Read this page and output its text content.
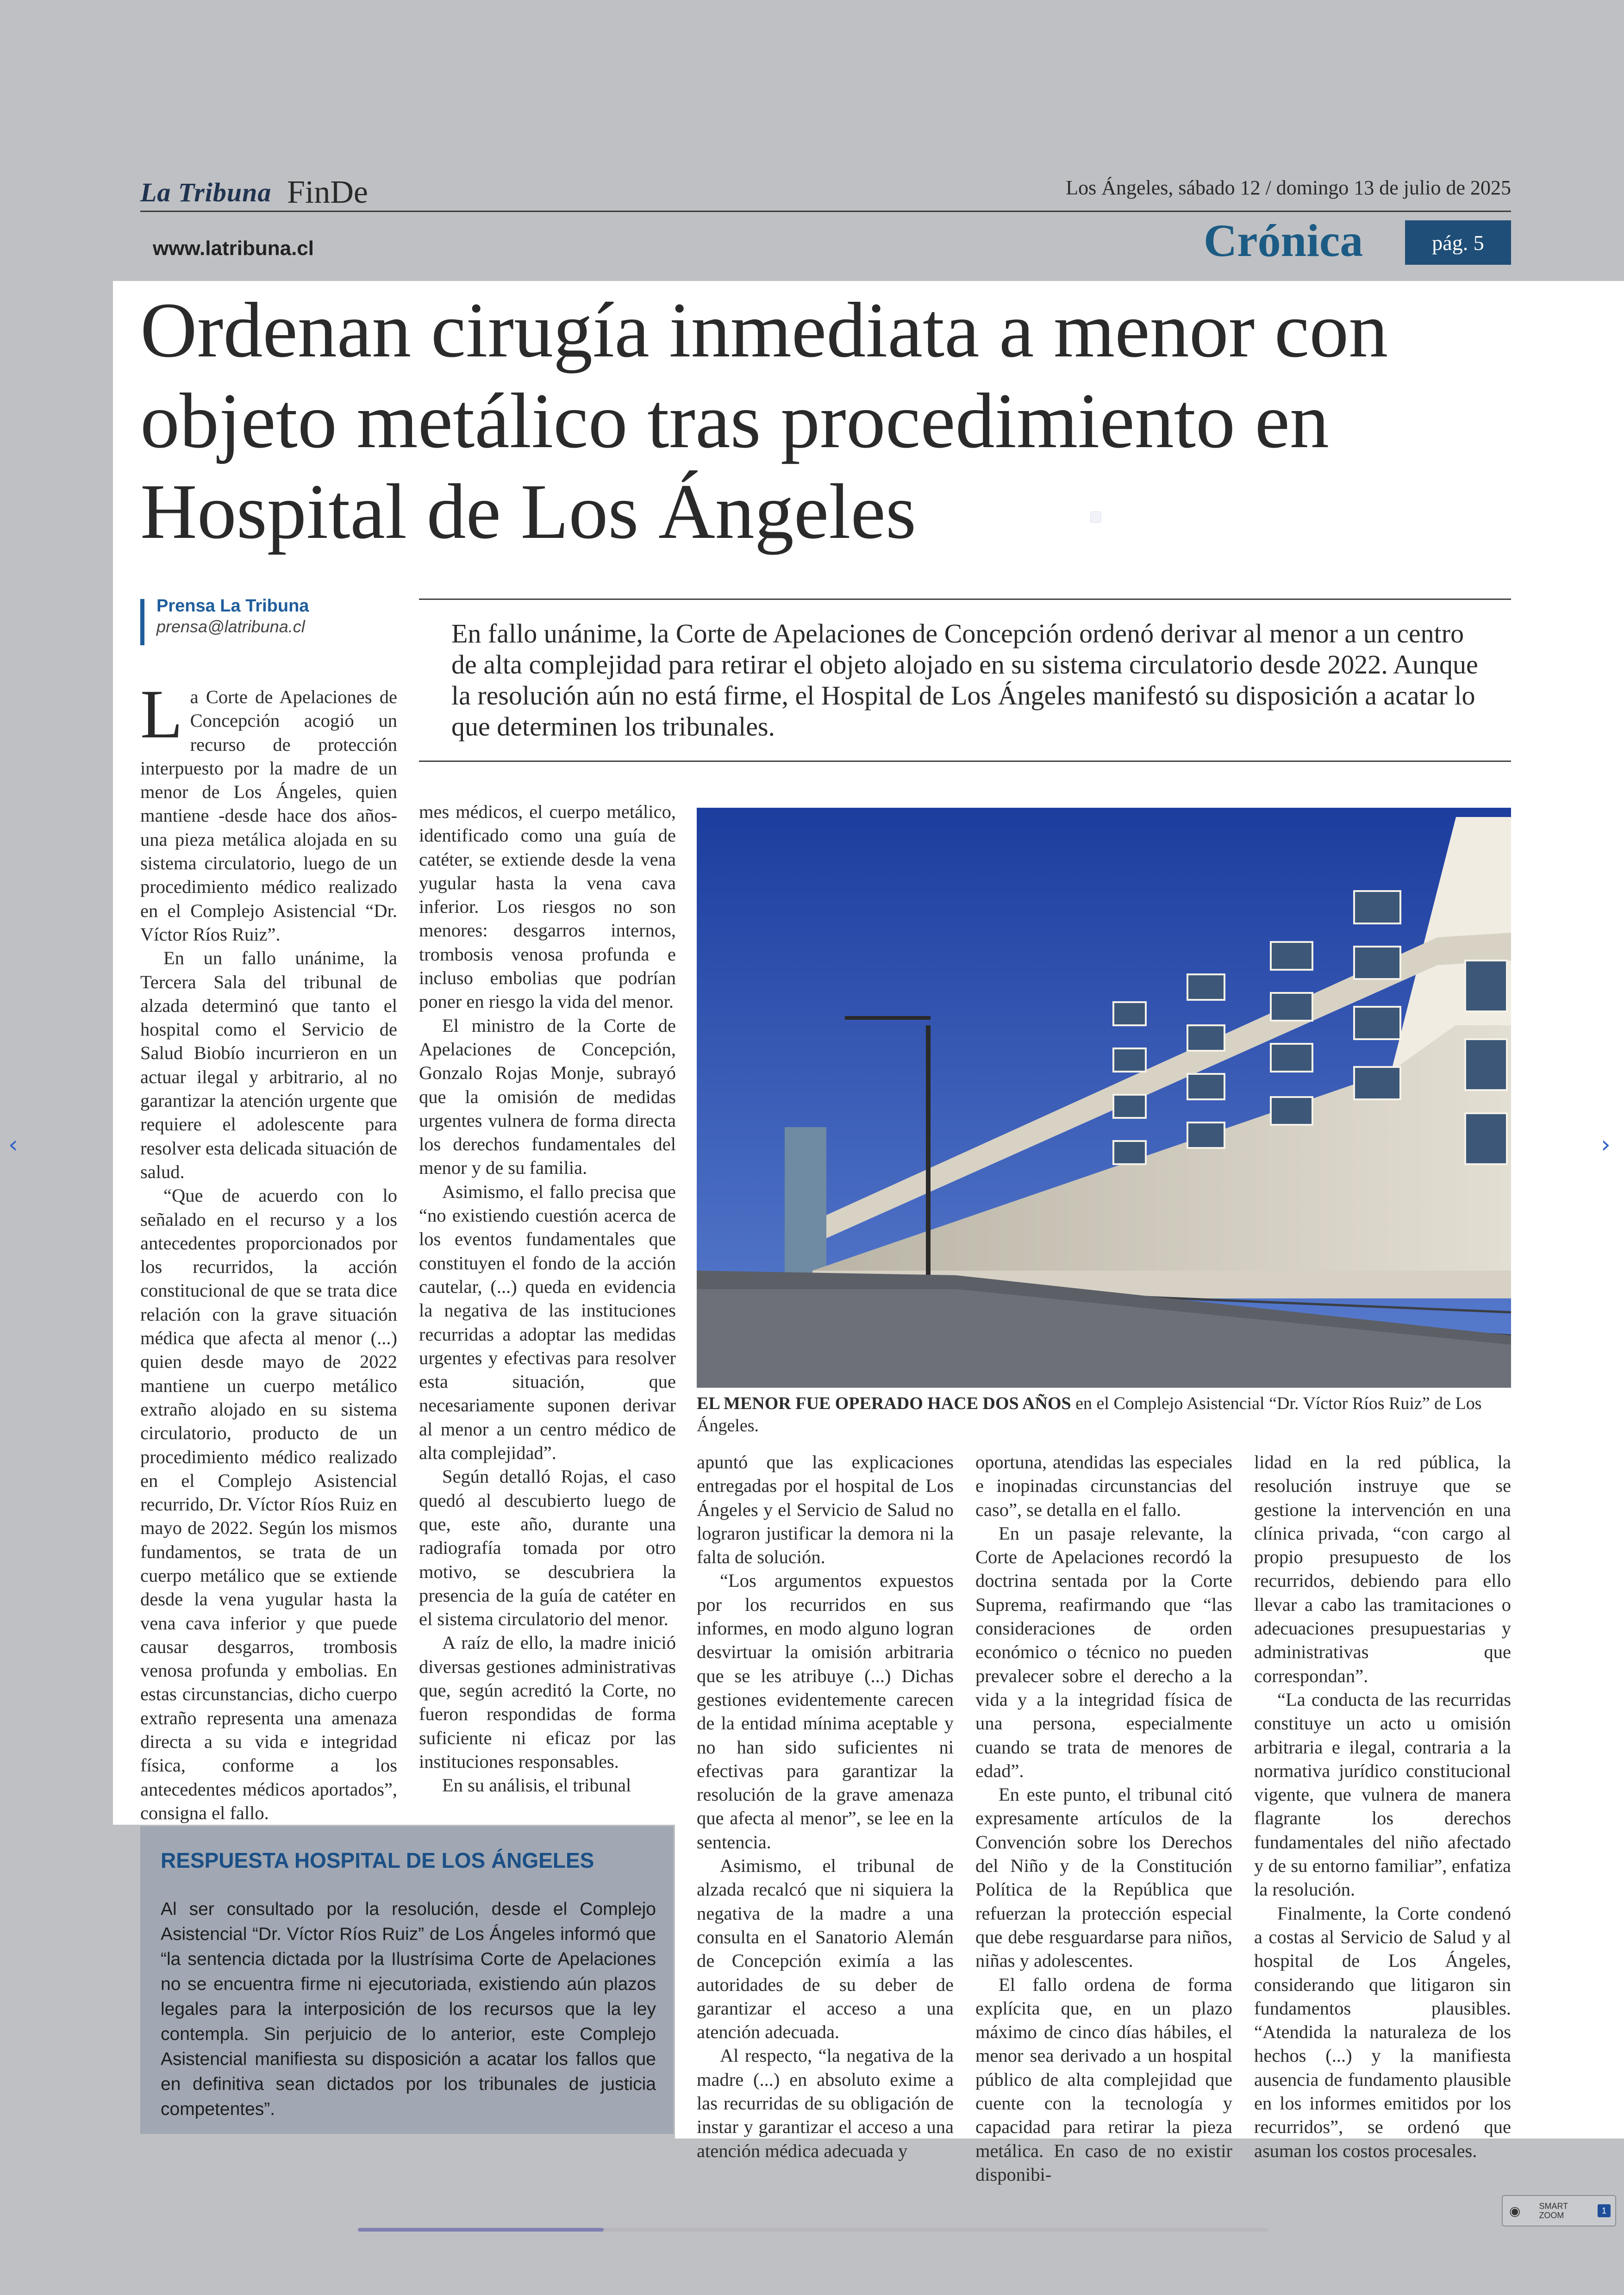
La Tribuna FinDe	Los Ángeles, sábado 12 / domingo 13 de julio de 2025
www.latribuna.cl	Crónica	pág. 5
Ordenan cirugía inmediata a menor con objeto metálico tras procedimiento en Hospital de Los Ángeles
Prensa La Tribuna
prensa@latribuna.cl	En fallo unánime, la Corte de Apelaciones de Concepción ordenó derivar al menor a un centro de alta complejidad para retirar el objeto alojado en su sistema circulatorio desde 2022. Aunque la resolución aún no está firme, el Hospital de Los Ángeles manifestó su disposición a acatar lo que determinen los tribunales.
L a Corte de Apelaciones de Concepción acogió un recurso de protección interpuesto por la madre de un menor de Los Ángeles, quien mantiene -desde hace dos años- una pieza metálica alojada en su sistema circulatorio, luego de un procedimiento médico realizado en el Complejo Asistencial “Dr. Víctor Ríos Ruiz”.

En un fallo unánime, la Tercera Sala del tribunal de alzada determinó que tanto el hospital como el Servicio de Salud Biobío incurrieron en un actuar ilegal y arbitrario, al no garantizar la atención urgente que requiere el adolescente para resolver esta delicada situación de salud.

“Que de acuerdo con lo señalado en el recurso y a los antecedentes proporcionados por los recurridos, la acción constitucional de que se trata dice relación con la grave situación médica que afecta al menor (...) quien desde mayo de 2022 mantiene un cuerpo metálico extraño alojado en su sistema circulatorio, producto de un procedimiento médico realizado en el Complejo Asistencial recurrido, Dr. Víctor Ríos Ruiz en mayo de 2022. Según los mismos fundamentos, se trata de un cuerpo metálico que se extiende desde la vena yugular hasta la vena cava inferior y que puede causar desgarros, trombosis venosa profunda y embolias. En estas circunstancias, dicho cuerpo extraño representa una amenaza directa a su vida e integridad física, conforme a los antecedentes médicos aportados”, consigna el fallo.

mes médicos, el cuerpo metálico, identificado como una guía de catéter, se extiende desde la vena yugular hasta la vena cava inferior. Los riesgos no son menores: desgarros internos, trombosis venosa profunda e incluso embolias que podrían poner en riesgo la vida del menor.

El ministro de la Corte de Apelaciones de Concepción, Gonzalo Rojas Monje, subrayó que la omisión de medidas urgentes vulnera de forma directa los derechos fundamentales del menor y de su familia.

Asimismo, el fallo precisa que “no existiendo cuestión acerca de los eventos fundamentales que constituyen el fondo de la acción cautelar, (...) queda en evidencia la negativa de las instituciones recurridas a adoptar las medidas urgentes y efectivas para resolver esta situación, que necesariamente suponen derivar al menor a un centro médico de alta complejidad”.

Según detalló Rojas, el caso quedó al descubierto luego de que, este año, durante una radiografía tomada por otro motivo, se descubriera la presencia de la guía de catéter en el sistema circulatorio del menor.

A raíz de ello, la madre inició diversas gestiones administrativas que, según acreditó la Corte, no fueron respondidas de forma suficiente ni eficaz por las instituciones responsables.

En su análisis, el tribunal

EL MENOR FUE OPERADO HACE DOS AÑOS en el Complejo Asistencial “Dr. Víctor Ríos Ruiz” de Los Ángeles.

apuntó que las explicaciones entregadas por el hospital de Los Ángeles y el Servicio de Salud no lograron justificar la demora ni la falta de solución.

“Los argumentos expuestos por los recurridos en sus informes, en modo alguno logran desvirtuar la omisión arbitraria que se les atribuye (...) Dichas gestiones evidentemente carecen de la entidad mínima aceptable y no han sido suficientes ni efectivas para garantizar la resolución de la grave amenaza que afecta al menor”, se lee en la sentencia.

Asimismo, el tribunal de alzada recalcó que ni siquiera la negativa de la madre a una consulta en el Sanatorio Alemán de Concepción eximía a las autoridades de su deber de garantizar el acceso a una atención adecuada.

Al respecto, “la negativa de la madre (...) en absoluto exime a las recurridas de su obligación de instar y garantizar el acceso a una atención médica adecuada y

oportuna, atendidas las especiales e inopinadas circunstancias del caso”, se detalla en el fallo.

En un pasaje relevante, la Corte de Apelaciones recordó la doctrina sentada por la Corte Suprema, reafirmando que “las consideraciones de orden económico o técnico no pueden prevalecer sobre el derecho a la vida y a la integridad física de una persona, especialmente cuando se trata de menores de edad”.

En este punto, el tribunal citó expresamente artículos de la Convención sobre los Derechos del Niño y de la Constitución Política de la República que refuerzan la protección especial que debe resguardarse para niños, niñas y adolescentes.

El fallo ordena de forma explícita que, en un plazo máximo de cinco días hábiles, el menor sea derivado a un hospital público de alta complejidad que cuente con la tecnología y capacidad para retirar la pieza metálica. En caso de no existir disponibi-

lidad en la red pública, la resolución instruye que se gestione la intervención en una clínica privada, “con cargo al propio presupuesto de los recurridos, debiendo para ello llevar a cabo las tramitaciones o adecuaciones presupuestarias y administrativas que correspondan”.

“La conducta de las recurridas constituye un acto u omisión arbitraria e ilegal, contraria a la normativa jurídico constitucional vigente, que vulnera de manera flagrante los derechos fundamentales del niño afectado y de su entorno familiar”, enfatiza la resolución.

Finalmente, la Corte condenó a costas al Servicio de Salud y al hospital de Los Ángeles, considerando que litigaron sin fundamentos plausibles. “Atendida la naturaleza de los hechos (...) y la manifiesta ausencia de fundamento plausible en los informes emitidos por los recurridos”, se ordenó que asuman los costos procesales.

RESPUESTA HOSPITAL DE LOS ÁNGELES
Al ser consultado por la resolución, desde el Complejo Asistencial “Dr. Víctor Ríos Ruiz” de Los Ángeles informó que “la sentencia dictada por la Ilustrísima Corte de Apelaciones no se encuentra firme ni ejecutoriada, existiendo aún plazos legales para la interposición de los recursos que la ley contempla. Sin perjuicio de lo anterior, este Complejo Asistencial manifiesta su disposición a acatar los fallos que en definitiva sean dictados por los tribunales de justicia competentes”.
‹	›
◉ SMART
ZOOM
1
